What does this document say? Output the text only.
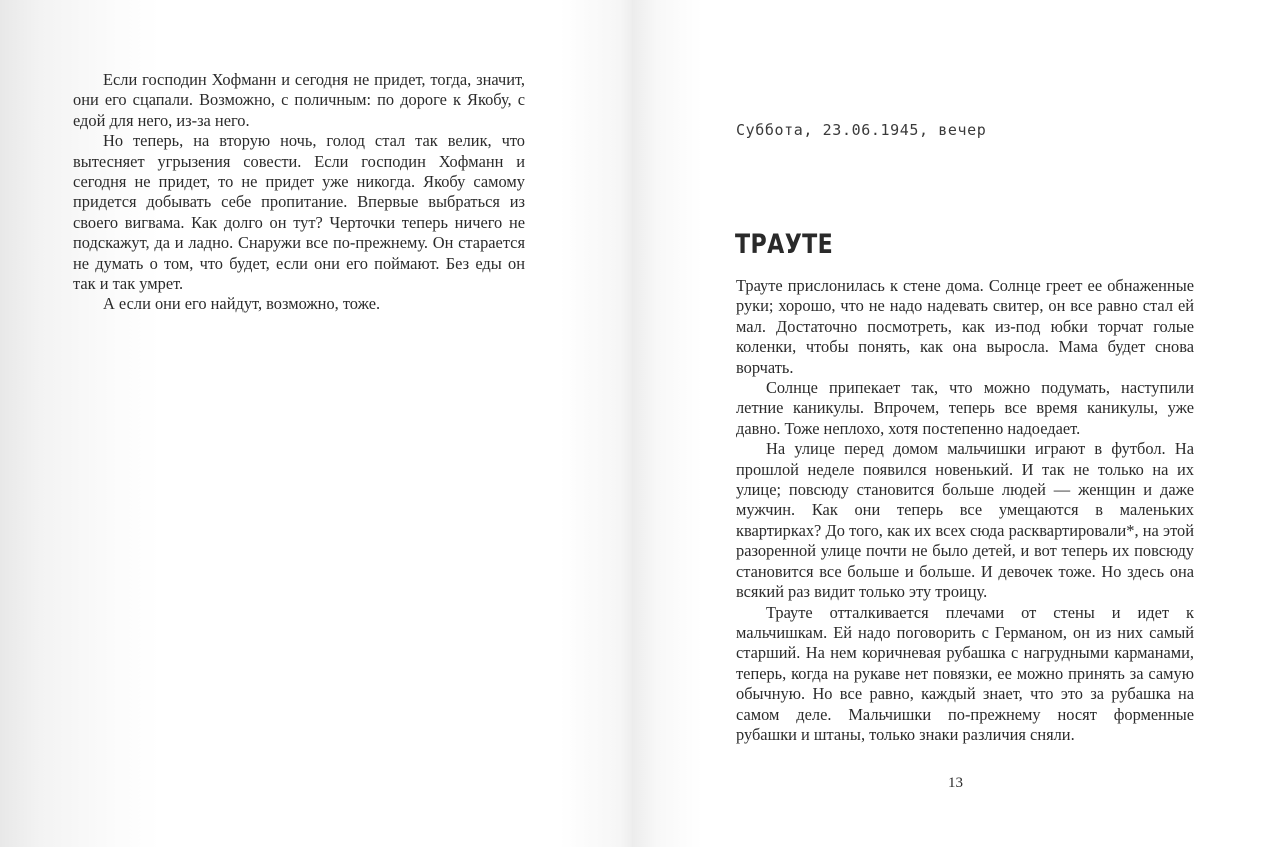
Если господин Хофманн и сегодня не придет, тогда, значит, они его сцапали. Возможно, с поличным: по дороге к Якобу, с едой для него, из-за него.

Но теперь, на вторую ночь, голод стал так велик, что вытесняет угрызения совести. Если господин Хофманн и сегодня не придет, то не придет уже никогда. Якобу самому придется добывать себе пропитание. Впервые выбраться из своего вигвама. Как долго он тут? Черточки теперь ничего не подскажут, да и ладно. Снаружи все по-прежнему. Он старается не думать о том, что будет, если они его поймают. Без еды он так и так умрет.

А если они его найдут, возможно, тоже.

Суббота, 23.06.1945, вечер
ТРАУТЕ

Траутe прислонилась к стене дома. Солнце греет ее обнаженные руки; хорошо, что не надо надевать свитер, он все равно стал ей мал. Достаточно посмотреть, как из-под юбки торчат голые коленки, чтобы понять, как она выросла. Мама будет снова ворчать.

Солнце припекает так, что можно подумать, наступили летние каникулы. Впрочем, теперь все время каникулы, уже давно. Тоже неплохо, хотя постепенно надоедает.

На улице перед домом мальчишки играют в футбол. На прошлой неделе появился новенький. И так не только на их улице; повсюду становится больше людей — женщин и даже мужчин. Как они теперь все умещаются в маленьких квартирках? До того, как их всех сюда расквартировали*, на этой разоренной улице почти не было детей, и вот теперь их повсюду становится все больше и больше. И девочек тоже. Но здесь она всякий раз видит только эту троицу.

Траутe отталкивается плечами от стены и идет к мальчишкам. Ей надо поговорить с Германом, он из них самый старший. На нем коричневая рубашка с нагрудными карманами, теперь, когда на рукаве нет повязки, ее можно принять за самую обычную. Но все равно, каждый знает, что это за рубашка на самом деле. Мальчишки по-прежнему носят форменные рубашки и штаны, только знаки различия сняли.

13
